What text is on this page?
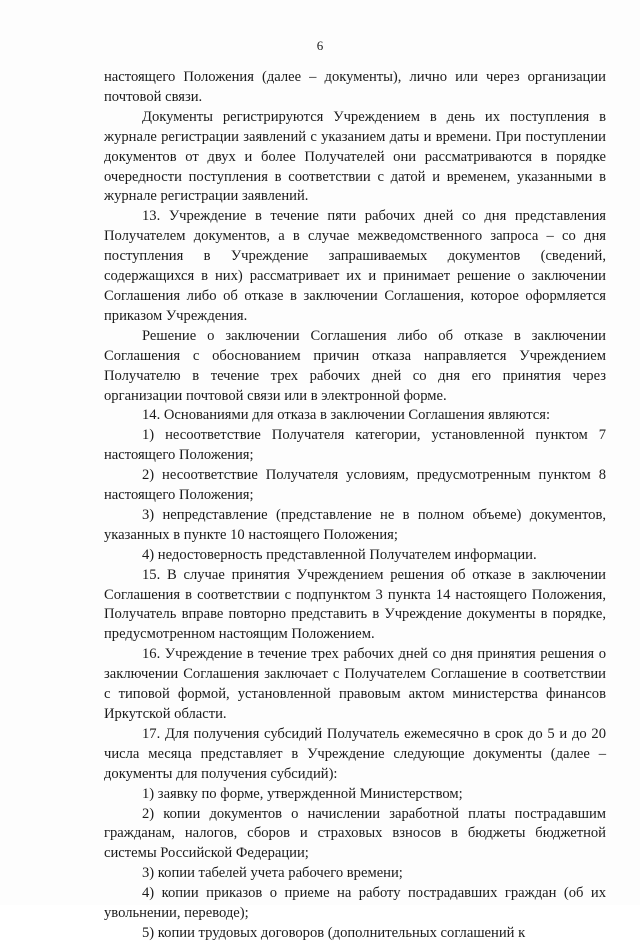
6

настоящего Положения (далее – документы), лично или через организации почтовой связи.

Документы регистрируются Учреждением в день их поступления в журнале регистрации заявлений с указанием даты и времени. При поступлении документов от двух и более Получателей они рассматриваются в порядке очередности поступления в соответствии с датой и временем, указанными в журнале регистрации заявлений.

13. Учреждение в течение пяти рабочих дней со дня представления Получателем документов, а в случае межведомственного запроса – со дня поступления в Учреждение запрашиваемых документов (сведений, содержащихся в них) рассматривает их и принимает решение о заключении Соглашения либо об отказе в заключении Соглашения, которое оформляется приказом Учреждения.

Решение о заключении Соглашения либо об отказе в заключении Соглашения с обоснованием причин отказа направляется Учреждением Получателю в течение трех рабочих дней со дня его принятия через организации почтовой связи или в электронной форме.

14. Основаниями для отказа в заключении Соглашения являются:

1) несоответствие Получателя категории, установленной пунктом 7 настоящего Положения;

2) несоответствие Получателя условиям, предусмотренным пунктом 8 настоящего Положения;

3) непредставление (представление не в полном объеме) документов, указанных в пункте 10 настоящего Положения;

4) недостоверность представленной Получателем информации.

15. В случае принятия Учреждением решения об отказе в заключении Соглашения в соответствии с подпунктом 3 пункта 14 настоящего Положения, Получатель вправе повторно представить в Учреждение документы в порядке, предусмотренном настоящим Положением.

16. Учреждение в течение трех рабочих дней со дня принятия решения о заключении Соглашения заключает с Получателем Соглашение в соответствии с типовой формой, установленной правовым актом министерства финансов Иркутской области.

17. Для получения субсидий Получатель ежемесячно в срок до 5 и до 20 числа месяца представляет в Учреждение следующие документы (далее – документы для получения субсидий):

1) заявку по форме, утвержденной Министерством;

2) копии документов о начислении заработной платы пострадавшим гражданам, налогов, сборов и страховых взносов в бюджеты бюджетной системы Российской Федерации;

3) копии табелей учета рабочего времени;

4) копии приказов о приеме на работу пострадавших граждан (об их увольнении, переводе);

5) копии трудовых договоров (дополнительных соглашений к
